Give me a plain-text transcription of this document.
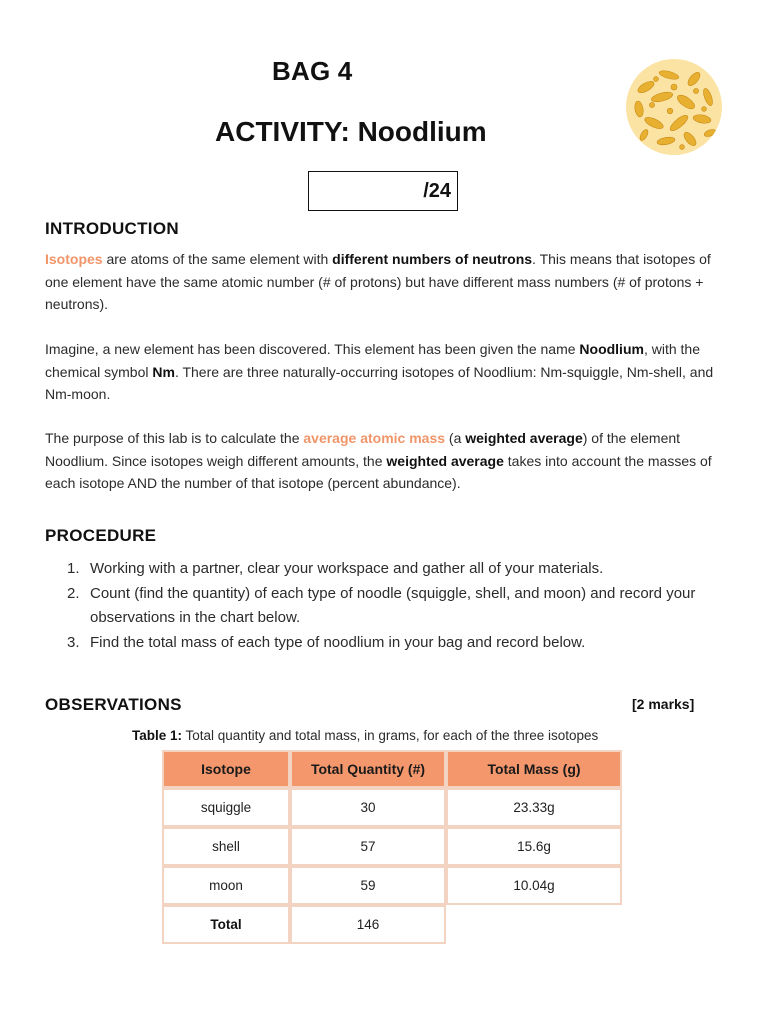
BAG 4
ACTIVITY: Noodlium
/24
INTRODUCTION
Isotopes are atoms of the same element with different numbers of neutrons. This means that isotopes of one element have the same atomic number (# of protons) but have different mass numbers (# of protons + neutrons).
Imagine, a new element has been discovered. This element has been given the name Noodlium, with the chemical symbol Nm. There are three naturally-occurring isotopes of Noodlium: Nm-squiggle, Nm-shell, and Nm-moon.
The purpose of this lab is to calculate the average atomic mass (a weighted average) of the element Noodlium. Since isotopes weigh different amounts, the weighted average takes into account the masses of each isotope AND the number of that isotope (percent abundance).
PROCEDURE
1. Working with a partner, clear your workspace and gather all of your materials.
2. Count (find the quantity) of each type of noodle (squiggle, shell, and moon) and record your observations in the chart below.
3. Find the total mass of each type of noodlium in your bag and record below.
OBSERVATIONS	[2 marks]
Table 1: Total quantity and total mass, in grams, for each of the three isotopes
Isotope	Total Quantity (#)	Total Mass (g)
squiggle	30	23.33g
shell	57	15.6g
moon	59	10.04g
Total	146	
